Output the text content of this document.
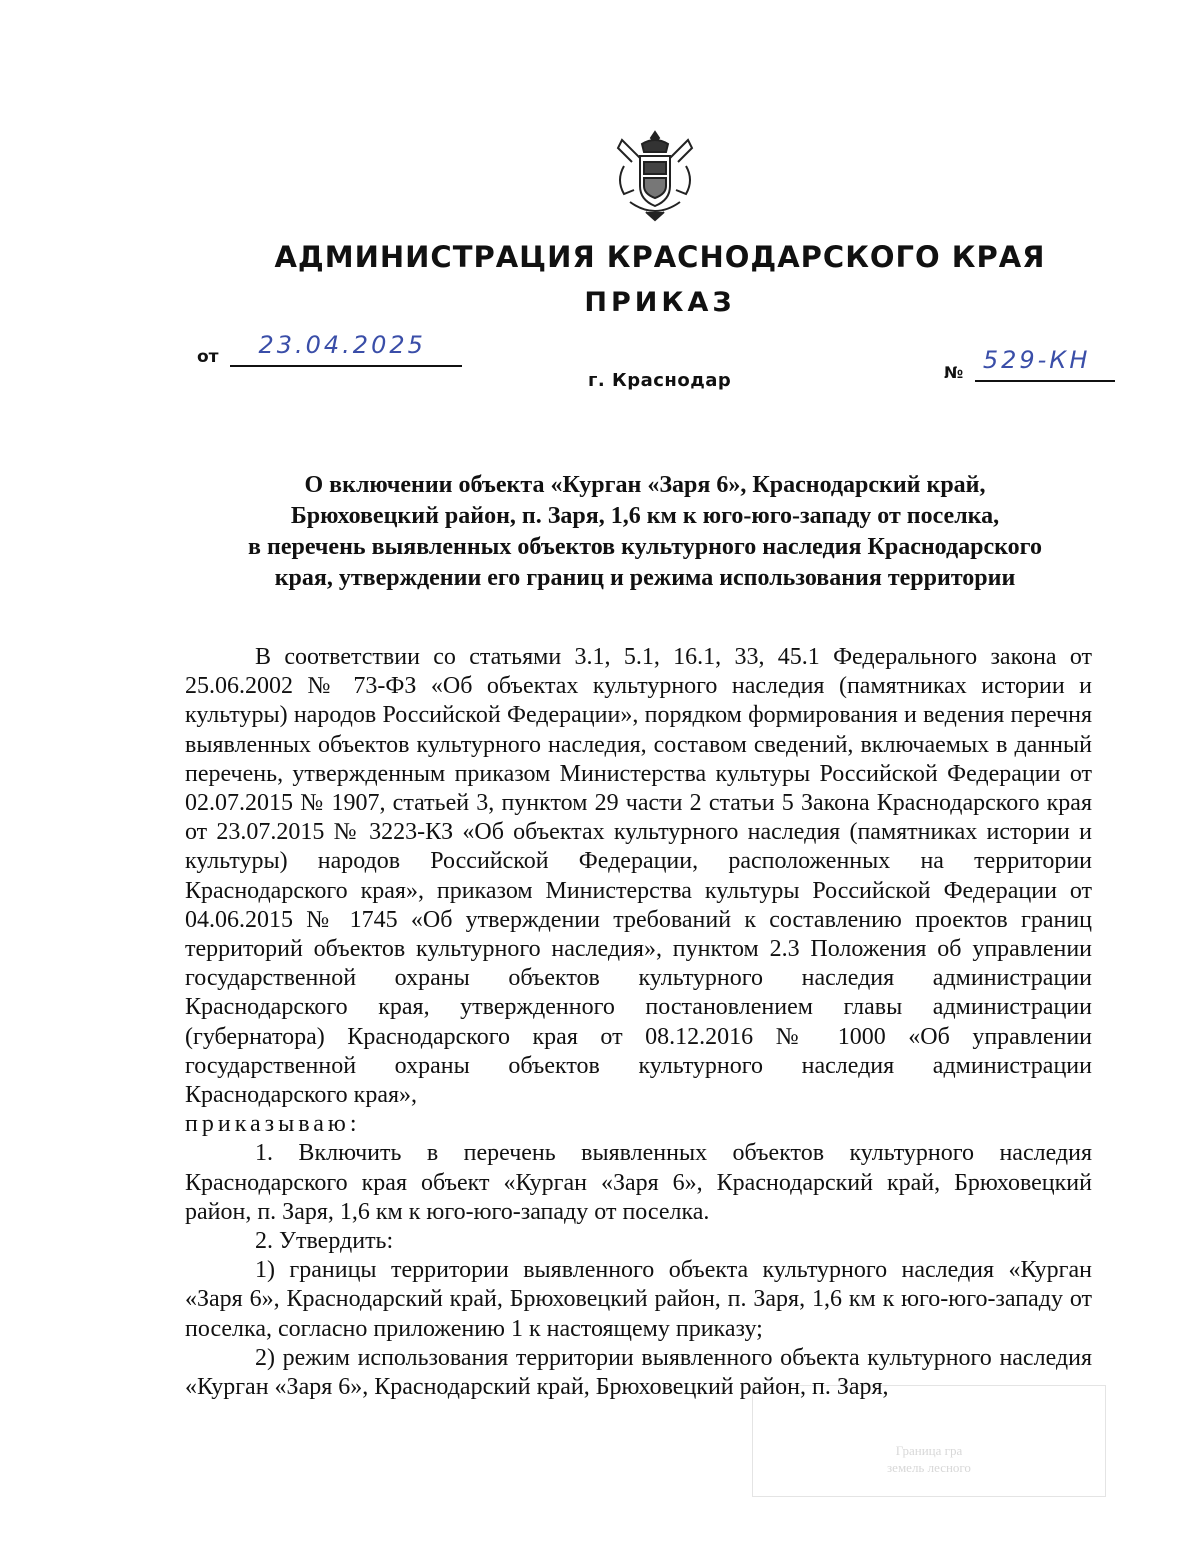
АДМИНИСТРАЦИЯ КРАСНОДАРСКОГО КРАЯ
ПРИКАЗ
от 23.04.2025
г. Краснодар	№ 529-КН
О включении объекта «Курган «Заря 6», Краснодарский край,
Брюховецкий район, п. Заря, 1,6 км к юго-юго-западу от поселка,
в перечень выявленных объектов культурного наследия Краснодарского
края, утверждении его границ и режима использования территории
Граница гра
земель лесного

В соответствии со статьями 3.1, 5.1, 16.1, 33, 45.1 Федерального закона от 25.06.2002 № 73-ФЗ «Об объектах культурного наследия (памятниках истории и культуры) народов Российской Федерации», порядком формирования и ведения перечня выявленных объектов культурного наследия, составом сведений, включаемых в данный перечень, утвержденным приказом Министерства культуры Российской Федерации от 02.07.2015 № 1907, статьей 3, пунктом 29 части 2 статьи 5 Закона Краснодарского края от 23.07.2015 № 3223-КЗ «Об объектах культурного наследия (памятниках истории и культуры) народов Российской Федерации, расположенных на территории Краснодарского края», приказом Министерства культуры Российской Федерации от 04.06.2015 № 1745 «Об утверждении требований к составлению проектов границ территорий объектов культурного наследия», пунктом 2.3 Положения об управлении государственной охраны объектов культурного наследия администрации Краснодарского края, утвержденного постановлением главы администрации (губернатора) Краснодарского края от 08.12.2016 № 1000 «Об управлении государственной охраны объектов культурного наследия администрации Краснодарского края»,

приказываю:

1. Включить в перечень выявленных объектов культурного наследия Краснодарского края объект «Курган «Заря 6», Краснодарский край, Брюховецкий район, п. Заря, 1,6 км к юго-юго-западу от поселка.

2. Утвердить:

1) границы территории выявленного объекта культурного наследия «Курган «Заря 6», Краснодарский край, Брюховецкий район, п. Заря, 1,6 км к юго-юго-западу от поселка, согласно приложению 1 к настоящему приказу;

2) режим использования территории выявленного объекта культурного наследия «Курган «Заря 6», Краснодарский край, Брюховецкий район, п. Заря,
